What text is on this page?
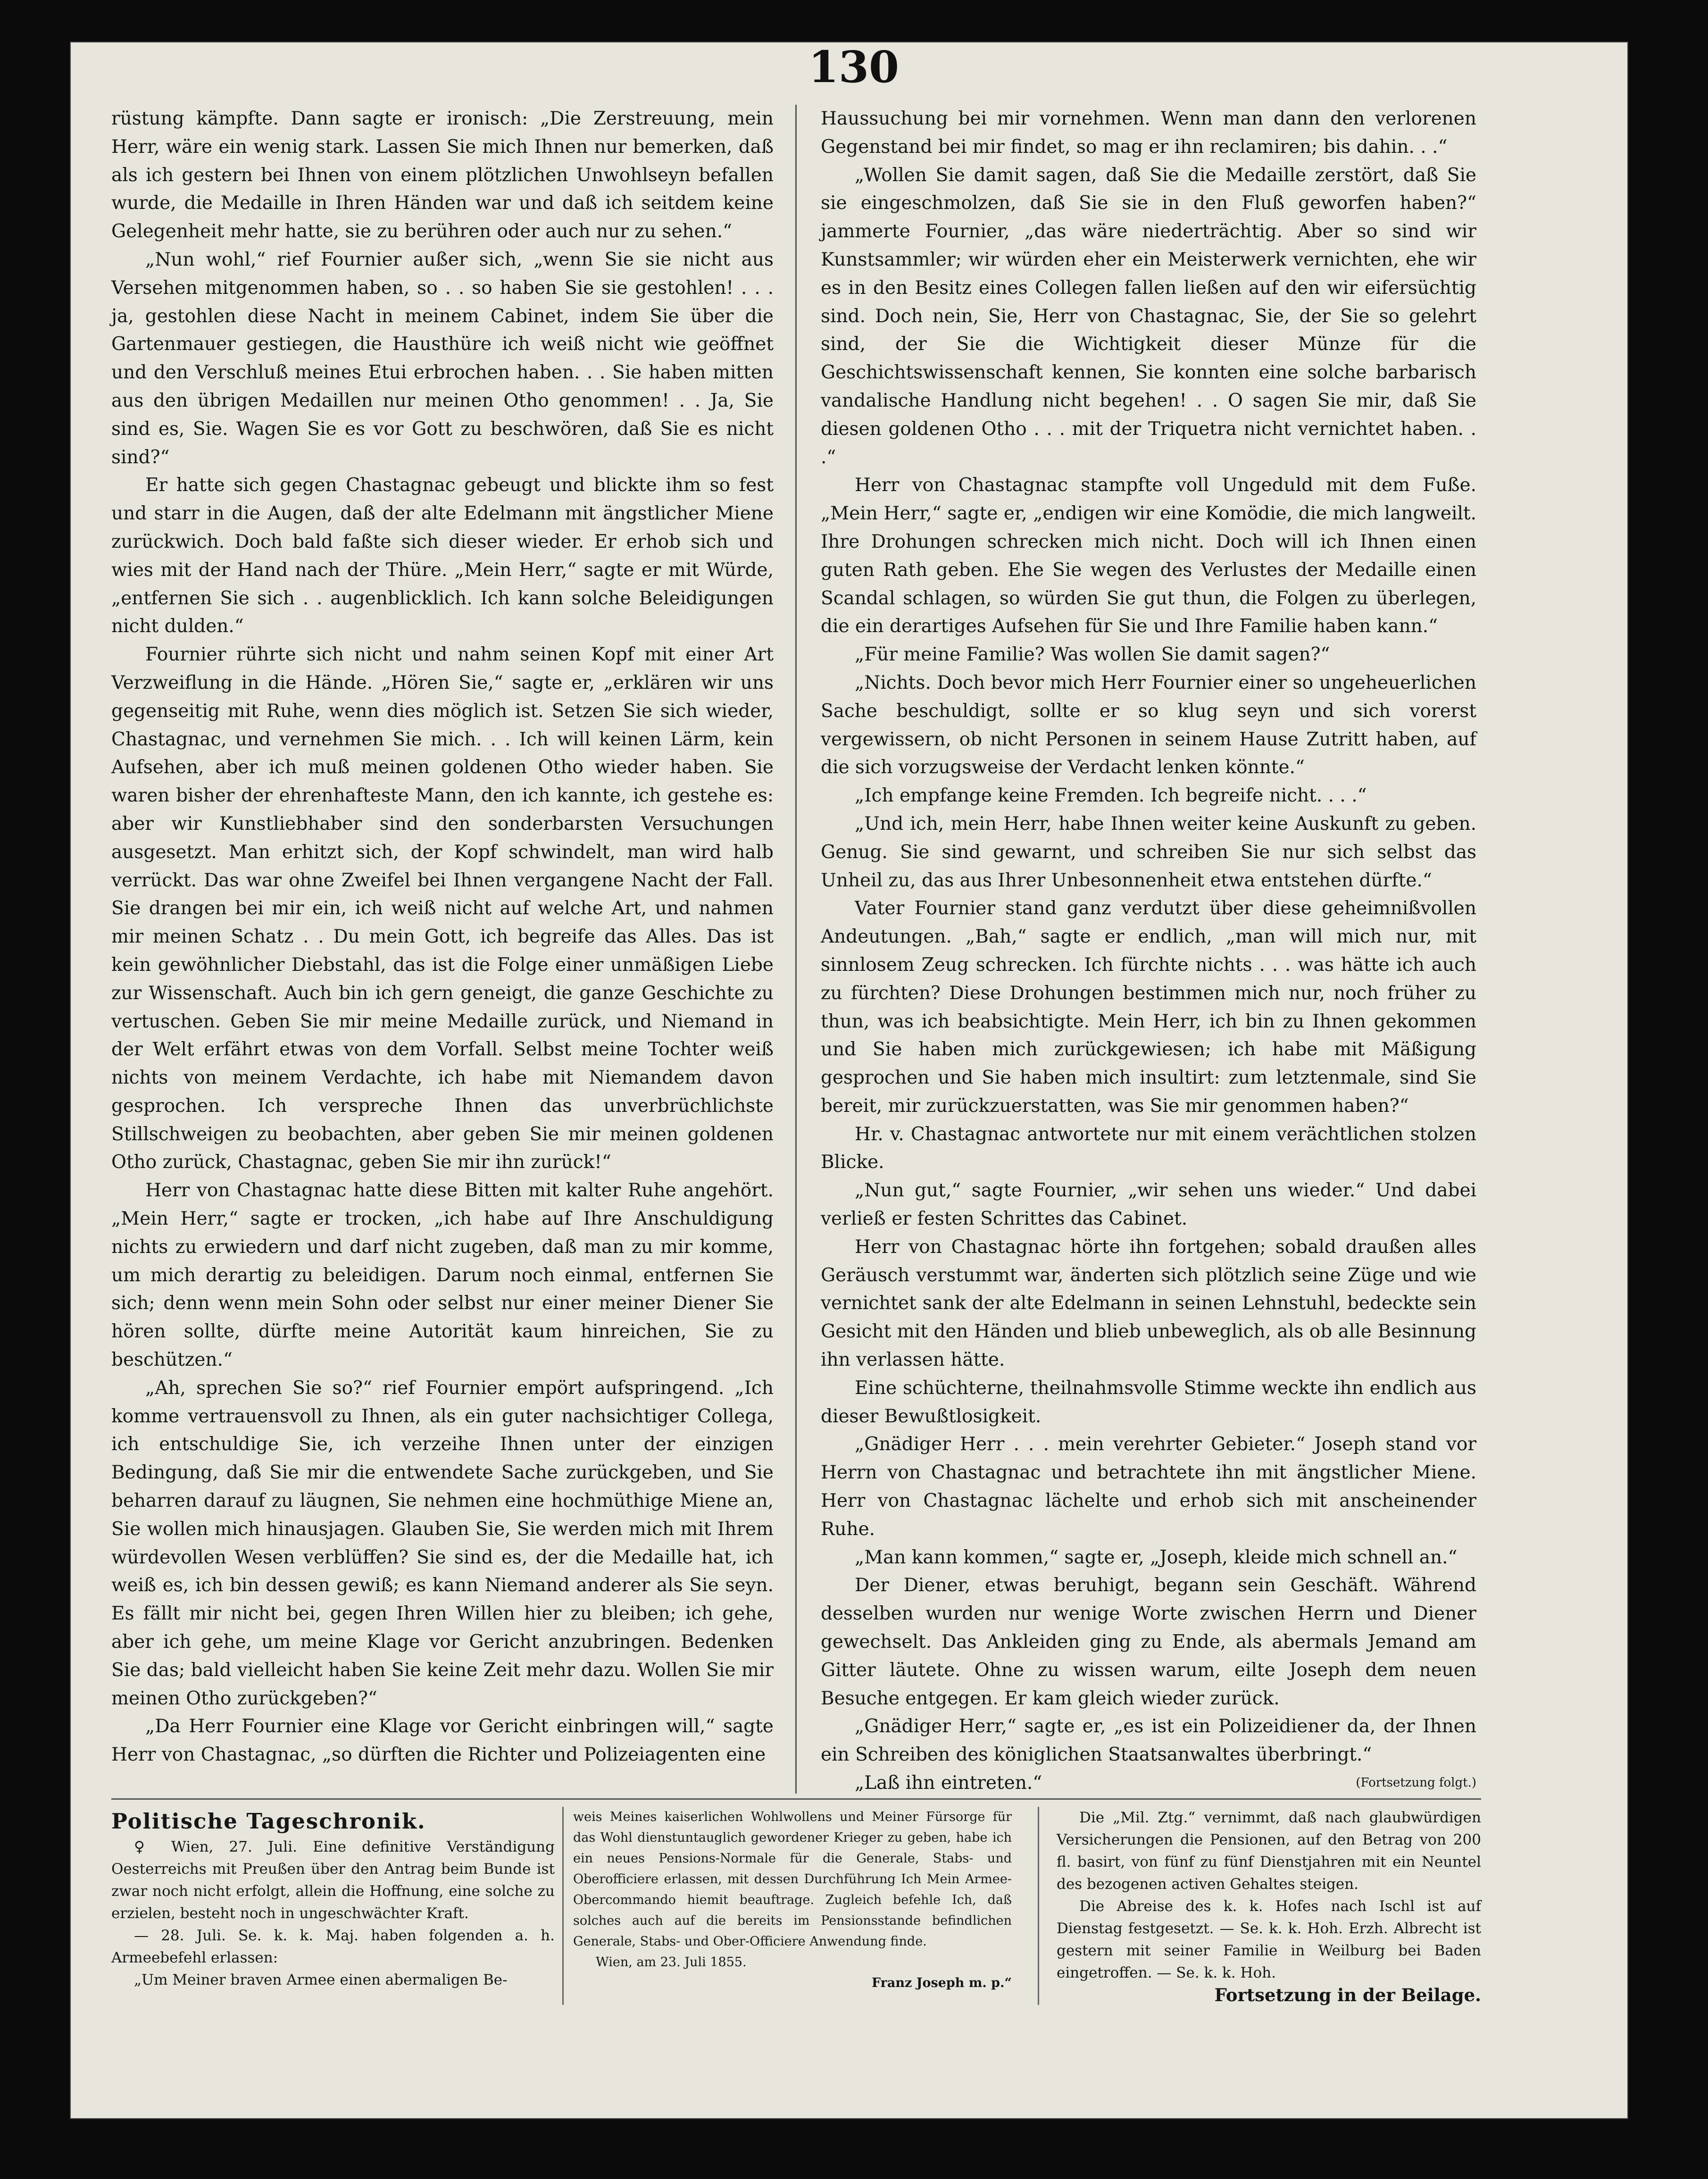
130

rüstung kämpfte. Dann sagte er ironisch: „Die Zerstreuung, mein Herr, wäre ein wenig stark. Lassen Sie mich Ihnen nur bemerken, daß als ich gestern bei Ihnen von einem plötzlichen Unwohlseyn befallen wurde, die Medaille in Ihren Händen war und daß ich seitdem keine Gelegenheit mehr hatte, sie zu berühren oder auch nur zu sehen.“

„Nun wohl,“ rief Fournier außer sich, „wenn Sie sie nicht aus Versehen mitgenommen haben, so . . so haben Sie sie gestohlen! . . . ja, gestohlen diese Nacht in meinem Cabinet, indem Sie über die Gartenmauer gestiegen, die Hausthüre ich weiß nicht wie geöffnet und den Verschluß meines Etui erbrochen haben. . . Sie haben mitten aus den übrigen Medaillen nur meinen Otho genommen! . . Ja, Sie sind es, Sie. Wagen Sie es vor Gott zu beschwören, daß Sie es nicht sind?“

Er hatte sich gegen Chastagnac gebeugt und blickte ihm so fest und starr in die Augen, daß der alte Edelmann mit ängstlicher Miene zurückwich. Doch bald faßte sich dieser wieder. Er erhob sich und wies mit der Hand nach der Thüre. „Mein Herr,“ sagte er mit Würde, „entfernen Sie sich . . augenblicklich. Ich kann solche Beleidigungen nicht dulden.“

Fournier rührte sich nicht und nahm seinen Kopf mit einer Art Verzweiflung in die Hände. „Hören Sie,“ sagte er, „erklären wir uns gegenseitig mit Ruhe, wenn dies möglich ist. Setzen Sie sich wieder, Chastagnac, und vernehmen Sie mich. . . Ich will keinen Lärm, kein Aufsehen, aber ich muß meinen goldenen Otho wieder haben. Sie waren bisher der ehrenhafteste Mann, den ich kannte, ich gestehe es: aber wir Kunstliebhaber sind den sonderbarsten Versuchungen ausgesetzt. Man erhitzt sich, der Kopf schwindelt, man wird halb verrückt. Das war ohne Zweifel bei Ihnen vergangene Nacht der Fall. Sie drangen bei mir ein, ich weiß nicht auf welche Art, und nahmen mir meinen Schatz . . Du mein Gott, ich begreife das Alles. Das ist kein gewöhnlicher Diebstahl, das ist die Folge einer unmäßigen Liebe zur Wissenschaft. Auch bin ich gern geneigt, die ganze Geschichte zu vertuschen. Geben Sie mir meine Medaille zurück, und Niemand in der Welt erfährt etwas von dem Vorfall. Selbst meine Tochter weiß nichts von meinem Verdachte, ich habe mit Niemandem davon gesprochen. Ich verspreche Ihnen das unverbrüchlichste Stillschweigen zu beobachten, aber geben Sie mir meinen goldenen Otho zurück, Chastagnac, geben Sie mir ihn zurück!“

Herr von Chastagnac hatte diese Bitten mit kalter Ruhe angehört. „Mein Herr,“ sagte er trocken, „ich habe auf Ihre Anschuldigung nichts zu erwiedern und darf nicht zugeben, daß man zu mir komme, um mich derartig zu beleidigen. Darum noch einmal, entfernen Sie sich; denn wenn mein Sohn oder selbst nur einer meiner Diener Sie hören sollte, dürfte meine Autorität kaum hinreichen, Sie zu beschützen.“

„Ah, sprechen Sie so?“ rief Fournier empört aufspringend. „Ich komme vertrauensvoll zu Ihnen, als ein guter nachsichtiger Collega, ich entschuldige Sie, ich verzeihe Ihnen unter der einzigen Bedingung, daß Sie mir die entwendete Sache zurückgeben, und Sie beharren darauf zu läugnen, Sie nehmen eine hochmüthige Miene an, Sie wollen mich hinausjagen. Glauben Sie, Sie werden mich mit Ihrem würdevollen Wesen verblüffen? Sie sind es, der die Medaille hat, ich weiß es, ich bin dessen gewiß; es kann Niemand anderer als Sie seyn. Es fällt mir nicht bei, gegen Ihren Willen hier zu bleiben; ich gehe, aber ich gehe, um meine Klage vor Gericht anzubringen. Bedenken Sie das; bald vielleicht haben Sie keine Zeit mehr dazu. Wollen Sie mir meinen Otho zurückgeben?“

„Da Herr Fournier eine Klage vor Gericht einbringen will,“ sagte Herr von Chastagnac, „so dürften die Richter und Polizeiagenten eine

Haussuchung bei mir vornehmen. Wenn man dann den verlorenen Gegenstand bei mir findet, so mag er ihn reclamiren; bis dahin. . .“

„Wollen Sie damit sagen, daß Sie die Medaille zerstört, daß Sie sie eingeschmolzen, daß Sie sie in den Fluß geworfen haben?“ jammerte Fournier, „das wäre niederträchtig. Aber so sind wir Kunstsammler; wir würden eher ein Meisterwerk vernichten, ehe wir es in den Besitz eines Collegen fallen ließen auf den wir eifersüchtig sind. Doch nein, Sie, Herr von Chastagnac, Sie, der Sie so gelehrt sind, der Sie die Wichtigkeit dieser Münze für die Geschichtswissenschaft kennen, Sie konnten eine solche barbarisch vandalische Handlung nicht begehen! . . O sagen Sie mir, daß Sie diesen goldenen Otho . . . mit der Triquetra nicht vernichtet haben. . .“

Herr von Chastagnac stampfte voll Ungeduld mit dem Fuße. „Mein Herr,“ sagte er, „endigen wir eine Komödie, die mich langweilt. Ihre Drohungen schrecken mich nicht. Doch will ich Ihnen einen guten Rath geben. Ehe Sie wegen des Verlustes der Medaille einen Scandal schlagen, so würden Sie gut thun, die Folgen zu überlegen, die ein derartiges Aufsehen für Sie und Ihre Familie haben kann.“

„Für meine Familie? Was wollen Sie damit sagen?“

„Nichts. Doch bevor mich Herr Fournier einer so ungeheuerlichen Sache beschuldigt, sollte er so klug seyn und sich vorerst vergewissern, ob nicht Personen in seinem Hause Zutritt haben, auf die sich vorzugsweise der Verdacht lenken könnte.“

„Ich empfange keine Fremden. Ich begreife nicht. . . .“

„Und ich, mein Herr, habe Ihnen weiter keine Auskunft zu geben. Genug. Sie sind gewarnt, und schreiben Sie nur sich selbst das Unheil zu, das aus Ihrer Unbesonnenheit etwa entstehen dürfte.“

Vater Fournier stand ganz verdutzt über diese geheimnißvollen Andeutungen. „Bah,“ sagte er endlich, „man will mich nur, mit sinnlosem Zeug schrecken. Ich fürchte nichts . . . was hätte ich auch zu fürchten? Diese Drohungen bestimmen mich nur, noch früher zu thun, was ich beabsichtigte. Mein Herr, ich bin zu Ihnen gekommen und Sie haben mich zurückgewiesen; ich habe mit Mäßigung gesprochen und Sie haben mich insultirt: zum letztenmale, sind Sie bereit, mir zurückzuerstatten, was Sie mir genommen haben?“

Hr. v. Chastagnac antwortete nur mit einem verächtlichen stolzen Blicke.

„Nun gut,“ sagte Fournier, „wir sehen uns wieder.“ Und dabei verließ er festen Schrittes das Cabinet.

Herr von Chastagnac hörte ihn fortgehen; sobald draußen alles Geräusch verstummt war, änderten sich plötzlich seine Züge und wie vernichtet sank der alte Edelmann in seinen Lehnstuhl, bedeckte sein Gesicht mit den Händen und blieb unbeweglich, als ob alle Besinnung ihn verlassen hätte.

Eine schüchterne, theilnahmsvolle Stimme weckte ihn endlich aus dieser Bewußtlosigkeit.

„Gnädiger Herr . . . mein verehrter Gebieter.“ Joseph stand vor Herrn von Chastagnac und betrachtete ihn mit ängstlicher Miene. Herr von Chastagnac lächelte und erhob sich mit anscheinender Ruhe.

„Man kann kommen,“ sagte er, „Joseph, kleide mich schnell an.“

Der Diener, etwas beruhigt, begann sein Geschäft. Während desselben wurden nur wenige Worte zwischen Herrn und Diener gewechselt. Das Ankleiden ging zu Ende, als abermals Jemand am Gitter läutete. Ohne zu wissen warum, eilte Joseph dem neuen Besuche entgegen. Er kam gleich wieder zurück.

„Gnädiger Herr,“ sagte er, „es ist ein Polizeidiener da, der Ihnen ein Schreiben des königlichen Staatsanwaltes überbringt.“

„Laß ihn eintreten.“	(Fortsetzung folgt.)

Politische Tageschronik.

♀ Wien, 27. Juli. Eine definitive Verständigung Oesterreichs mit Preußen über den Antrag beim Bunde ist zwar noch nicht erfolgt, allein die Hoffnung, eine solche zu erzielen, besteht noch in ungeschwächter Kraft.

— 28. Juli. Se. k. k. Maj. haben folgenden a. h. Armeebefehl erlassen:

„Um Meiner braven Armee einen abermaligen Be-

weis Meines kaiserlichen Wohlwollens und Meiner Fürsorge für das Wohl dienstuntauglich gewordener Krieger zu geben, habe ich ein neues Pensions-Normale für die Generale, Stabs- und Oberofficiere erlassen, mit dessen Durchführung Ich Mein Armee-Obercommando hiemit beauftrage. Zugleich befehle Ich, daß solches auch auf die bereits im Pensionsstande befindlichen Generale, Stabs- und Ober-Officiere Anwendung finde.

Wien, am 23. Juli 1855.

Franz Joseph m. p.“

Die „Mil. Ztg.“ vernimmt, daß nach glaubwürdigen Versicherungen die Pensionen, auf den Betrag von 200 fl. basirt, von fünf zu fünf Dienstjahren mit ein Neuntel des bezogenen activen Gehaltes steigen.

Die Abreise des k. k. Hofes nach Ischl ist auf Dienstag festgesetzt. — Se. k. k. Hoh. Erzh. Albrecht ist gestern mit seiner Familie in Weilburg bei Baden eingetroffen. — Se. k. k. Hoh.

Fortsetzung in der Beilage.
